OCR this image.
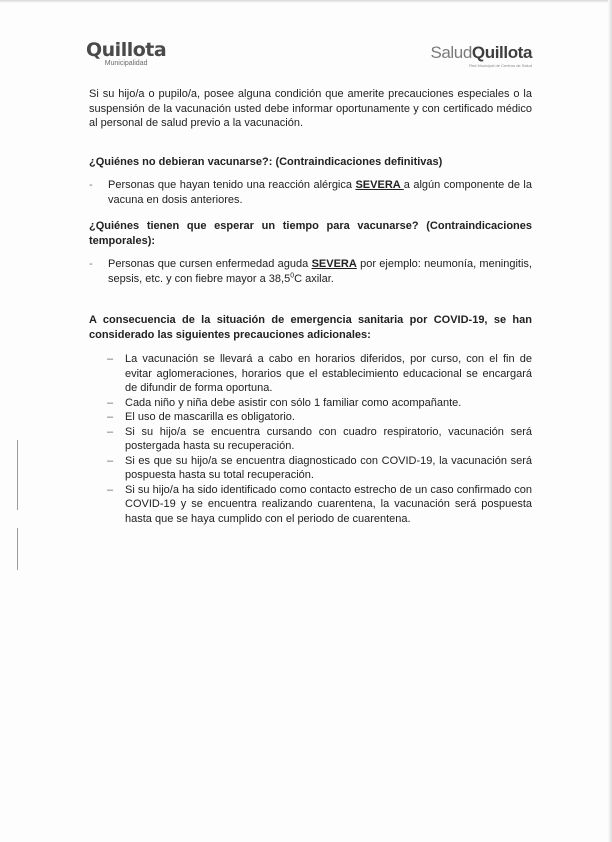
Quillota
Municipalidad
SaludQuillota
Red Municipal de Centros de Salud

Si su hijo/a o pupilo/a, posee alguna condición que amerite precauciones especiales o la suspensión de la vacunación usted debe informar oportunamente y con certificado médico al personal de salud previo a la vacunación.

¿Quiénes no debieran vacunarse?: (Contraindicaciones definitivas)

- Personas que hayan tenido una reacción alérgica SEVERA a algún componente de la vacuna en dosis anteriores.

¿Quiénes tienen que esperar un tiempo para vacunarse? (Contraindicaciones temporales):

- Personas que cursen enfermedad aguda SEVERA por ejemplo: neumonía, meningitis, sepsis, etc. y con fiebre mayor a 38,5$^0$C axilar.

A consecuencia de la situación de emergencia sanitaria por COVID-19, se han considerado las siguientes precauciones adicionales:

– La vacunación se llevará a cabo en horarios diferidos, por curso, con el fin de evitar aglomeraciones, horarios que el establecimiento educacional se encargará de difundir de forma oportuna.
– Cada niño y niña debe asistir con sólo 1 familiar como acompañante.
– El uso de mascarilla es obligatorio.
– Si su hijo/a se encuentra cursando con cuadro respiratorio, vacunación será postergada hasta su recuperación.
– Si es que su hijo/a se encuentra diagnosticado con COVID-19, la vacunación será pospuesta hasta su total recuperación.
– Si su hijo/a ha sido identificado como contacto estrecho de un caso confirmado con COVID-19 y se encuentra realizando cuarentena, la vacunación será pospuesta hasta que se haya cumplido con el periodo de cuarentena.
